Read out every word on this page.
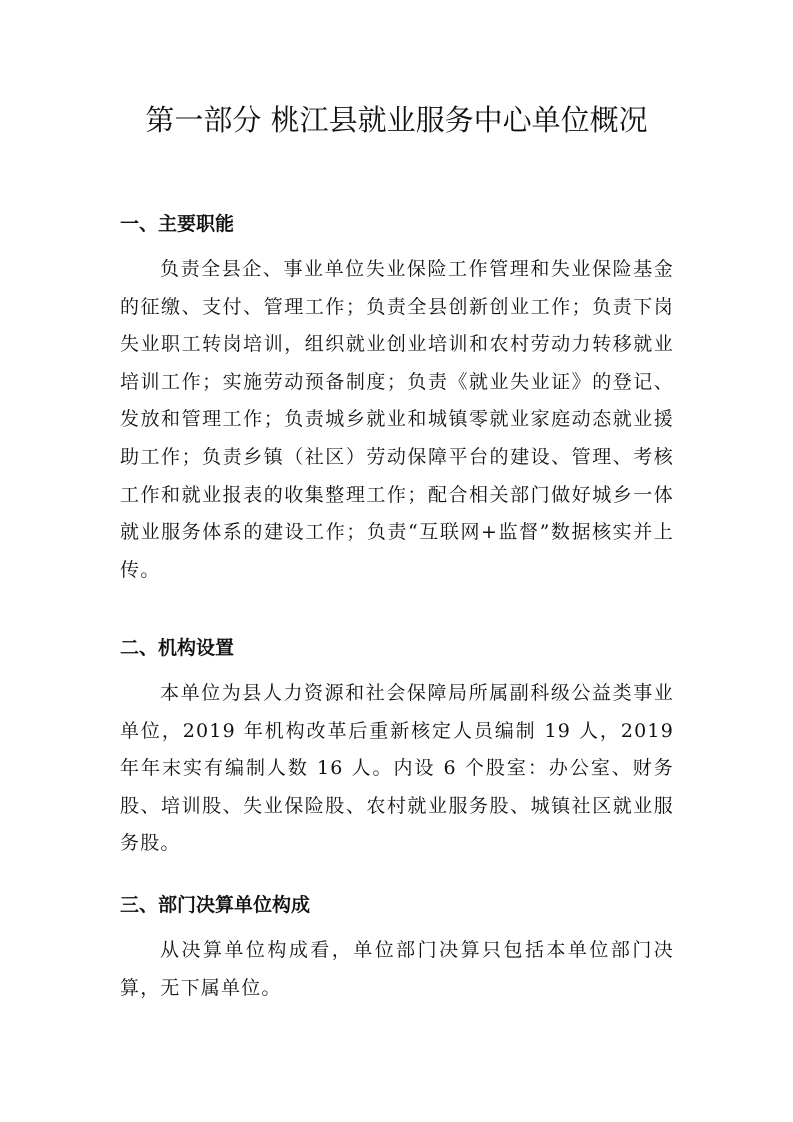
第一部分 桃江县就业服务中心单位概况
一、主要职能

负责全县企、事业单位失业保险工作管理和失业保险基金的征缴、支付、管理工作；负责全县创新创业工作；负责下岗失业职工转岗培训，组织就业创业培训和农村劳动力转移就业培训工作；实施劳动预备制度；负责《就业失业证》的登记、发放和管理工作；负责城乡就业和城镇零就业家庭动态就业援助工作；负责乡镇（社区）劳动保障平台的建设、管理、考核工作和就业报表的收集整理工作；配合相关部门做好城乡一体就业服务体系的建设工作；负责“互联网+监督”数据核实并上传。

二、机构设置

本单位为县人力资源和社会保障局所属副科级公益类事业单位，2019 年机构改革后重新核定人员编制 19 人，2019 年年末实有编制人数 16 人。内设 6 个股室：办公室、财务股、培训股、失业保险股、农村就业服务股、城镇社区就业服务股。

三、部门决算单位构成

从决算单位构成看，单位部门决算只包括本单位部门决算，无下属单位。
